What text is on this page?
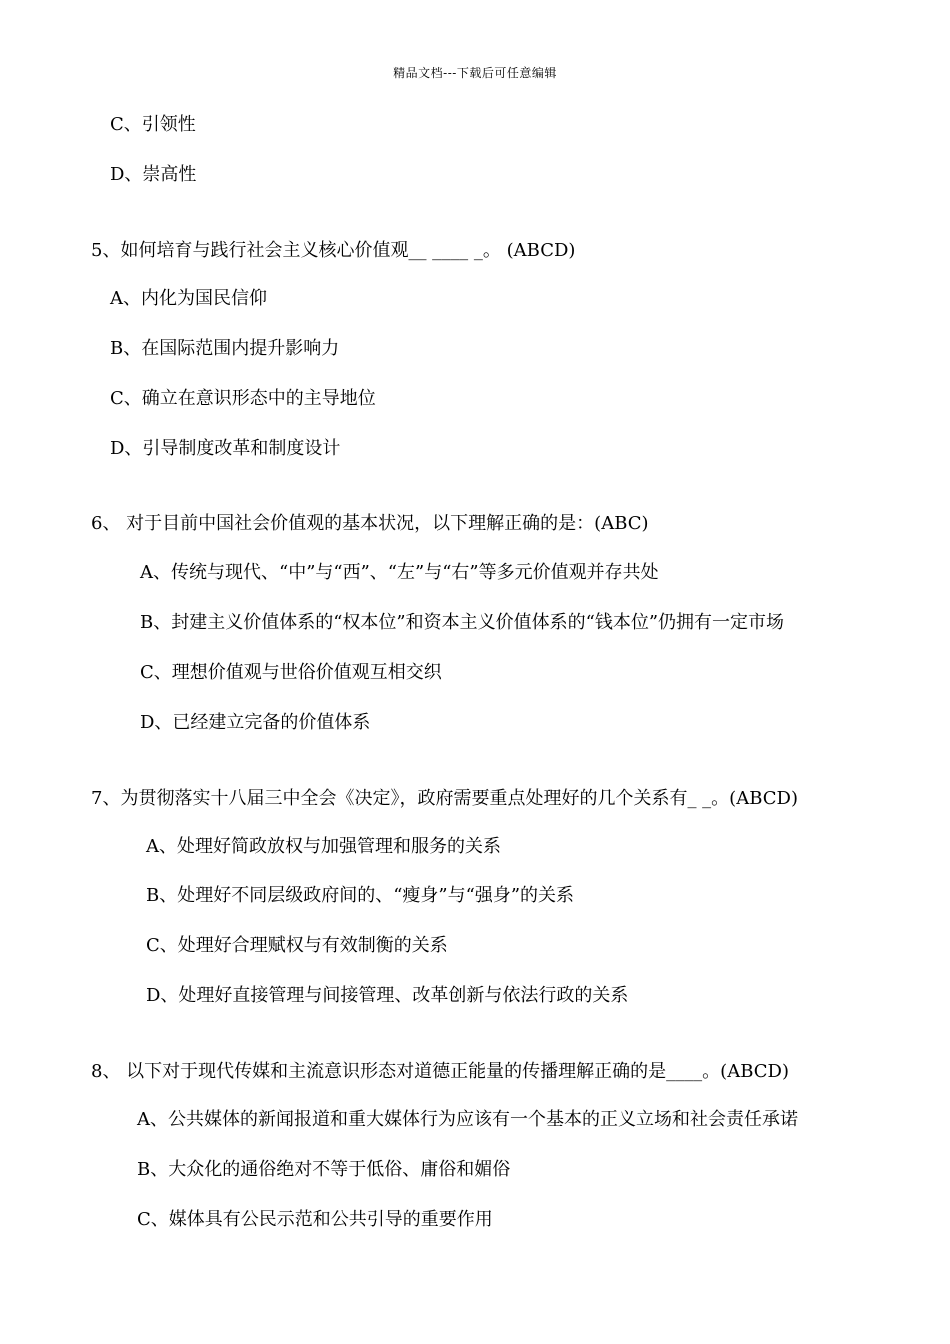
精品文档---下载后可任意编辑
C、引领性
D、崇高性
5、如何培育与践行社会主义核心价值观__ ____ _。 (ABCD)
A、内化为国民信仰
B、在国际范围内提升影响力
C、确立在意识形态中的主导地位
D、引导制度改革和制度设计
6、 对于目前中国社会价值观的基本状况，以下理解正确的是：(ABC)
A、传统与现代、“中”与“西”、“左”与“右”等多元价值观并存共处
B、封建主义价值体系的“权本位”和资本主义价值体系的“钱本位”仍拥有一定市场
C、理想价值观与世俗价值观互相交织
D、已经建立完备的价值体系
7、为贯彻落实十八届三中全会《决定》，政府需要重点处理好的几个关系有_ _。(ABCD)
A、处理好简政放权与加强管理和服务的关系
B、处理好不同层级政府间的、“瘦身”与“强身”的关系
C、处理好合理赋权与有效制衡的关系
D、处理好直接管理与间接管理、改革创新与依法行政的关系
8、 以下对于现代传媒和主流意识形态对道德正能量的传播理解正确的是____。(ABCD)
A、公共媒体的新闻报道和重大媒体行为应该有一个基本的正义立场和社会责任承诺
B、大众化的通俗绝对不等于低俗、庸俗和媚俗
C、媒体具有公民示范和公共引导的重要作用
